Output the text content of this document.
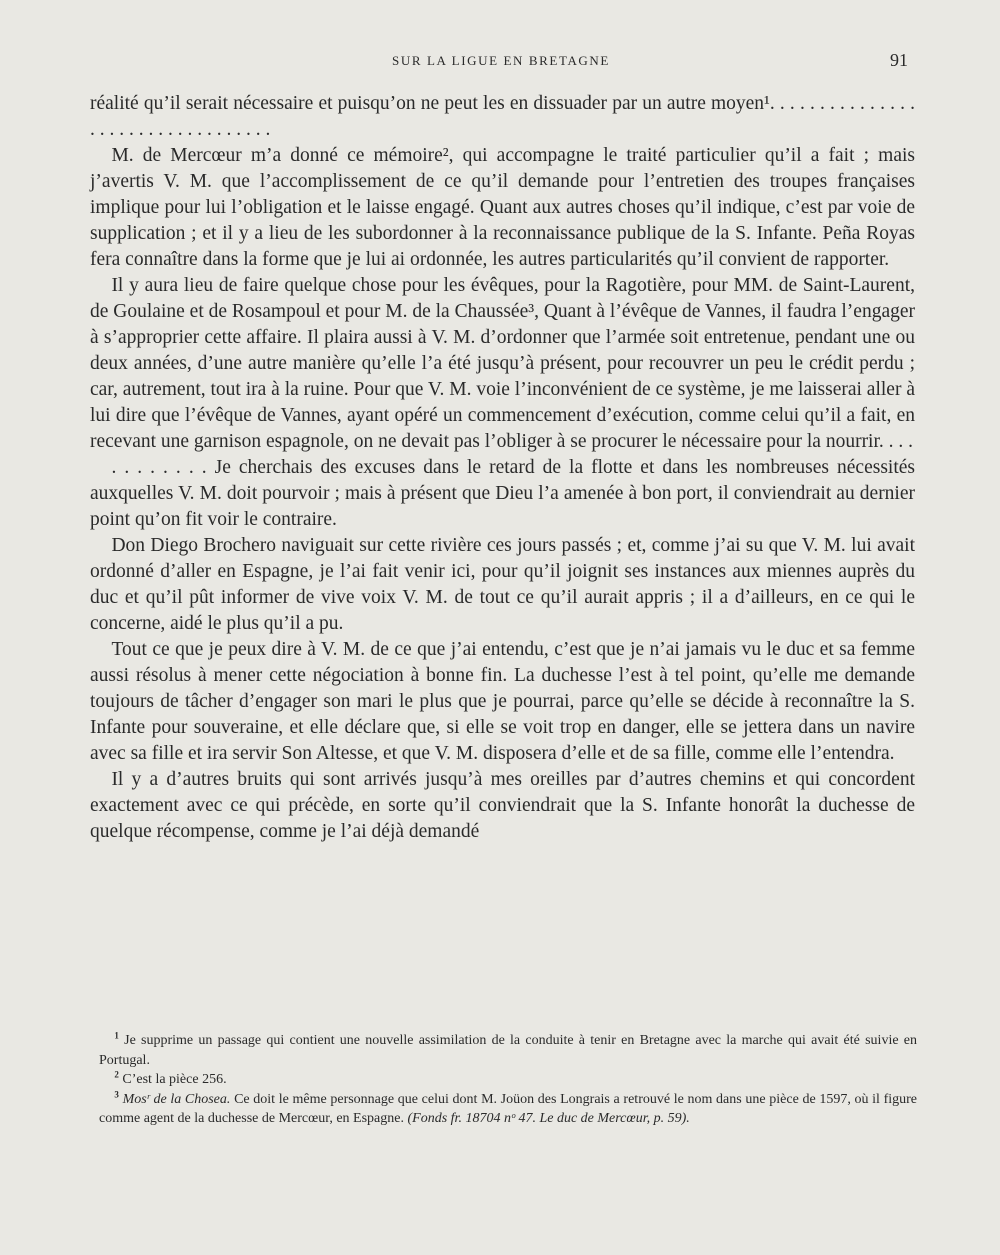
SUR LA LIGUE EN BRETAGNE	91

réalité qu’il serait nécessaire et puisqu’on ne peut les en dissuader par un autre moyen¹. . . . . . . . . . . . . . . . . . . . . . . . . . . . . . . . . .

M. de Mercœur m’a donné ce mémoire², qui accompagne le traité particulier qu’il a fait ; mais j’avertis V. M. que l’accomplissement de ce qu’il demande pour l’entretien des troupes françaises implique pour lui l’obligation et le laisse engagé. Quant aux autres choses qu’il indique, c’est par voie de supplication ; et il y a lieu de les subordonner à la reconnaissance publique de la S. Infante. Peña Royas fera connaître dans la forme que je lui ai ordonnée, les autres particularités qu’il convient de rapporter.

Il y aura lieu de faire quelque chose pour les évêques, pour la Ragotière, pour MM. de Saint-Laurent, de Goulaine et de Rosampoul et pour M. de la Chaussée³, Quant à l’évêque de Vannes, il faudra l’engager à s’approprier cette affaire. Il plaira aussi à V. M. d’ordonner que l’armée soit entretenue, pendant une ou deux années, d’une autre manière qu’elle l’a été jusqu’à présent, pour recouvrer un peu le crédit perdu ; car, autrement, tout ira à la ruine. Pour que V. M. voie l’inconvénient de ce système, je me laisserai aller à lui dire que l’évêque de Vannes, ayant opéré un commencement d’exécution, comme celui qu’il a fait, en recevant une garnison espagnole, on ne devait pas l’obliger à se procurer le nécessaire pour la nourrir. . . .

. . . . . . . . Je cherchais des excuses dans le retard de la flotte et dans les nombreuses nécessités auxquelles V. M. doit pourvoir ; mais à présent que Dieu l’a amenée à bon port, il conviendrait au dernier point qu’on fit voir le contraire.

Don Diego Brochero naviguait sur cette rivière ces jours passés ; et, comme j’ai su que V. M. lui avait ordonné d’aller en Espagne, je l’ai fait venir ici, pour qu’il joignit ses instances aux miennes auprès du duc et qu’il pût informer de vive voix V. M. de tout ce qu’il aurait appris ; il a d’ailleurs, en ce qui le concerne, aidé le plus qu’il a pu.

Tout ce que je peux dire à V. M. de ce que j’ai entendu, c’est que je n’ai jamais vu le duc et sa femme aussi résolus à mener cette négociation à bonne fin. La duchesse l’est à tel point, qu’elle me demande toujours de tâcher d’engager son mari le plus que je pourrai, parce qu’elle se décide à reconnaître la S. Infante pour souveraine, et elle déclare que, si elle se voit trop en danger, elle se jettera dans un navire avec sa fille et ira servir Son Altesse, et que V. M. disposera d’elle et de sa fille, comme elle l’entendra.

Il y a d’autres bruits qui sont arrivés jusqu’à mes oreilles par d’autres chemins et qui concordent exactement avec ce qui précède, en sorte qu’il conviendrait que la S. Infante honorât la duchesse de quelque récompense, comme je l’ai déjà demandé

$^1$ Je supprime un passage qui contient une nouvelle assimilation de la conduite à tenir en Bretagne avec la marche qui avait été suivie en Portugal.

$^2$ C’est la pièce 256.

$^3$ Mosʳ de la Chosea. Ce doit le même personnage que celui dont M. Joüon des Longrais a retrouvé le nom dans une pièce de 1597, où il figure comme agent de la duchesse de Mercœur, en Espagne. (Fonds fr. 18704 nᵒ 47. Le duc de Mercœur, p. 59).
